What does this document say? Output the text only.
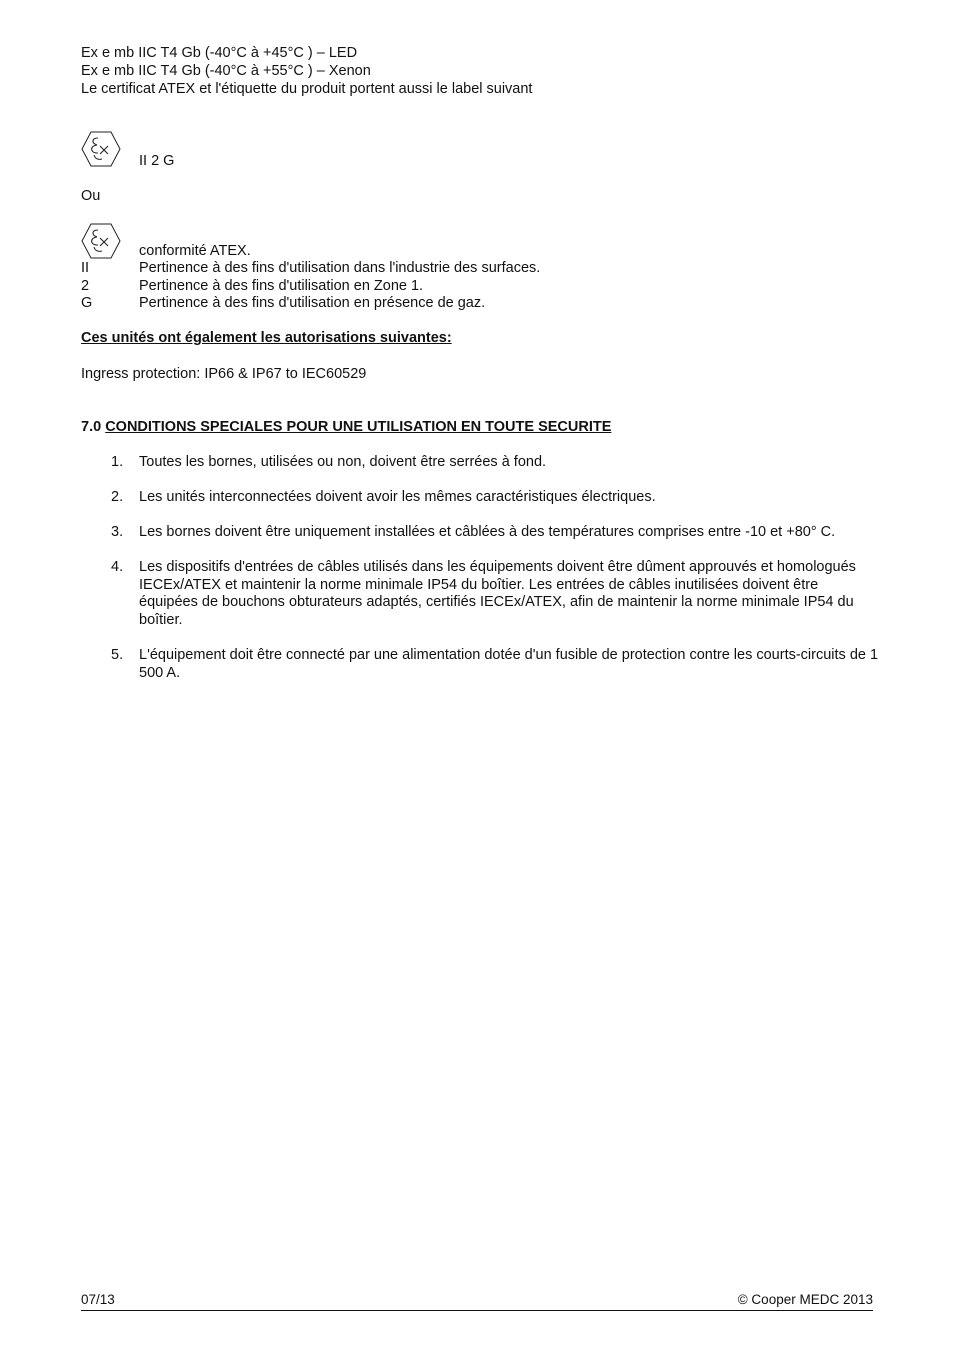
Ex e mb IIC T4 Gb (-40°C à +45°C ) – LED
Ex e mb IIC T4 Gb (-40°C à +55°C ) – Xenon
Le certificat ATEX et l'étiquette du produit portent aussi le label suivant
II 2 G
Ou
conformité ATEX.
II	Pertinence à des fins d'utilisation dans l'industrie des surfaces.
2	Pertinence à des fins d'utilisation en Zone 1.
G	Pertinence à des fins d'utilisation en présence de gaz.
Ces unités ont également les autorisations suivantes:
Ingress protection: IP66 & IP67 to IEC60529
7.0 CONDITIONS SPECIALES POUR UNE UTILISATION EN TOUTE SECURITE
1. Toutes les bornes, utilisées ou non, doivent être serrées à fond.
2. Les unités interconnectées doivent avoir les mêmes caractéristiques électriques.
3. Les bornes doivent être uniquement installées et câblées à des températures comprises entre -10 et +80° C.
4. Les dispositifs d'entrées de câbles utilisés dans les équipements doivent être dûment approuvés et homologués IECEx/ATEX et maintenir la norme minimale IP54 du boîtier. Les entrées de câbles inutilisées doivent être équipées de bouchons obturateurs adaptés, certifiés IECEx/ATEX, afin de maintenir la norme minimale IP54 du boîtier.
5. L'équipement doit être connecté par une alimentation dotée d'un fusible de protection contre les courts-circuits de 1 500 A.
07/13	© Cooper MEDC 2013
